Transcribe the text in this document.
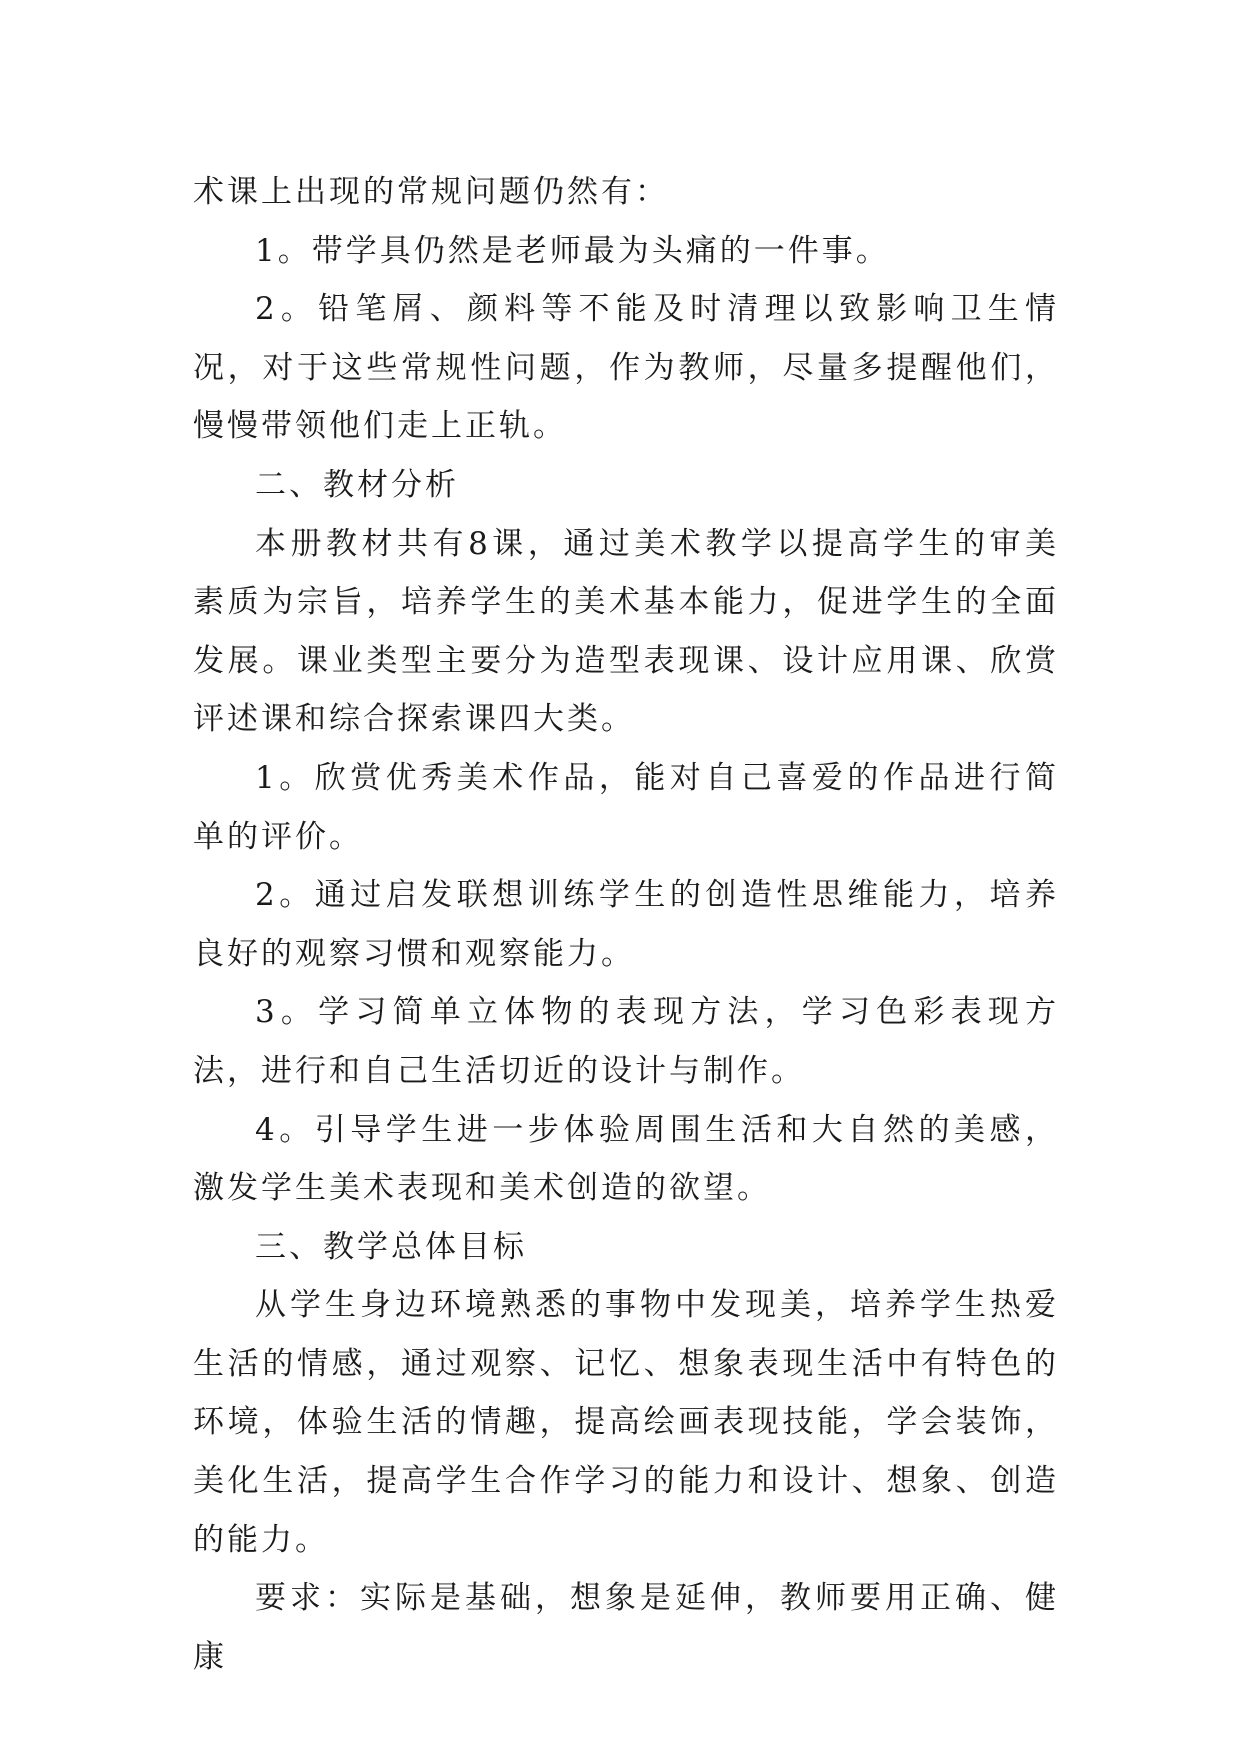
术课上出现的常规问题仍然有：

1。带学具仍然是老师最为头痛的一件事。

2。铅笔屑、颜料等不能及时清理以致影响卫生情况，对于这些常规性问题，作为教师，尽量多提醒他们，慢慢带领他们走上正轨。

二、教材分析

本册教材共有8课，通过美术教学以提高学生的审美素质为宗旨，培养学生的美术基本能力，促进学生的全面发展。课业类型主要分为造型表现课、设计应用课、欣赏评述课和综合探索课四大类。

1。欣赏优秀美术作品，能对自己喜爱的作品进行简单的评价。

2。通过启发联想训练学生的创造性思维能力，培养良好的观察习惯和观察能力。

3。学习简单立体物的表现方法，学习色彩表现方法，进行和自己生活切近的设计与制作。

4。引导学生进一步体验周围生活和大自然的美感，激发学生美术表现和美术创造的欲望。

三、教学总体目标

从学生身边环境熟悉的事物中发现美，培养学生热爱生活的情感，通过观察、记忆、想象表现生活中有特色的环境，体验生活的情趣，提高绘画表现技能，学会装饰，美化生活，提高学生合作学习的能力和设计、想象、创造的能力。

要求：实际是基础，想象是延伸，教师要用正确、健康
